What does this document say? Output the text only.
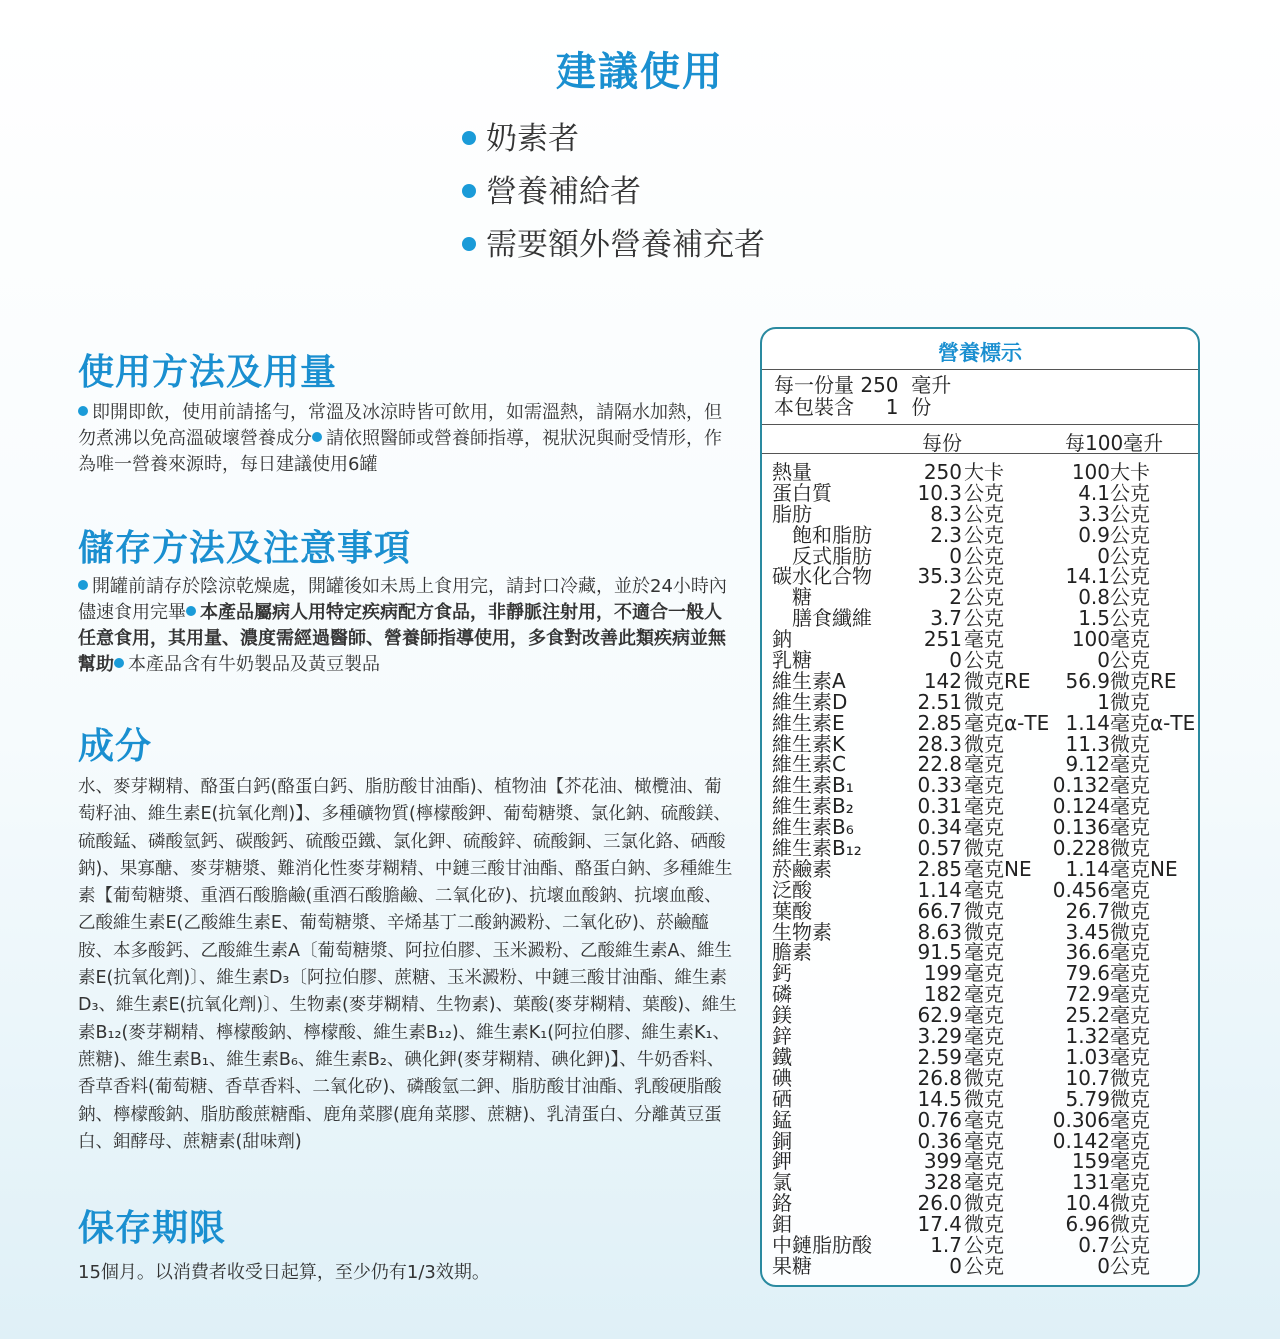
建議使用
奶素者
營養補給者
需要額外營養補充者
使用方法及用量
即開即飲，使用前請搖勻，常溫及冰涼時皆可飲用，如需溫熱，請隔水加熱，但勿煮沸以免高溫破壞營養成分 請依照醫師或營養師指導，視狀況與耐受情形，作為唯一營養來源時，每日建議使用6罐
儲存方法及注意事項
開罐前請存於陰涼乾燥處，開罐後如未馬上食用完，請封口冷藏，並於24小時內儘速食用完畢 本產品屬病人用特定疾病配方食品，非靜脈注射用，不適合一般人任意食用，其用量、濃度需經過醫師、營養師指導使用，多食對改善此類疾病並無幫助 本產品含有牛奶製品及黃豆製品
成分
水、麥芽糊精、酪蛋白鈣(酪蛋白鈣、脂肪酸甘油酯)、植物油【芥花油、橄欖油、葡萄籽油、維生素E(抗氧化劑)】、多種礦物質(檸檬酸鉀、葡萄糖漿、氯化鈉、硫酸鎂、硫酸錳、磷酸氫鈣、碳酸鈣、硫酸亞鐵、氯化鉀、硫酸鋅、硫酸銅、三氯化鉻、硒酸鈉)、果寡醣、麥芽糖漿、難消化性麥芽糊精、中鏈三酸甘油酯、酪蛋白鈉、多種維生素【葡萄糖漿、重酒石酸膽鹼(重酒石酸膽鹼、二氧化矽)、抗壞血酸鈉、抗壞血酸、乙酸維生素E(乙酸維生素E、葡萄糖漿、辛烯基丁二酸鈉澱粉、二氧化矽)、菸鹼醯胺、本多酸鈣、乙酸維生素A〔葡萄糖漿、阿拉伯膠、玉米澱粉、乙酸維生素A、維生素E(抗氧化劑)〕、維生素D₃〔阿拉伯膠、蔗糖、玉米澱粉、中鏈三酸甘油酯、維生素D₃、維生素E(抗氧化劑)〕、生物素(麥芽糊精、生物素)、葉酸(麥芽糊精、葉酸)、維生素B₁₂(麥芽糊精、檸檬酸鈉、檸檬酸、維生素B₁₂)、維生素K₁(阿拉伯膠、維生素K₁、蔗糖)、維生素B₁、維生素B₆、維生素B₂、碘化鉀(麥芽糊精、碘化鉀)】、牛奶香料、香草香料(葡萄糖、香草香料、二氧化矽)、磷酸氫二鉀、脂肪酸甘油酯、乳酸硬脂酸鈉、檸檬酸鈉、脂肪酸蔗糖酯、鹿角菜膠(鹿角菜膠、蔗糖)、乳清蛋白、分離黃豆蛋白、鉬酵母、蔗糖素(甜味劑)
保存期限
15個月。以消費者收受日起算，至少仍有1/3效期。
營養標示
每一份量 250  毫升
本包裝含     1  份
每份	每100毫升
熱量	250 大卡	100 大卡
蛋白質	10.3 公克	4.1 公克
脂肪	8.3 公克	3.3 公克
　飽和脂肪	2.3 公克	0.9 公克
　反式脂肪	0 公克	0 公克
碳水化合物	35.3 公克	14.1 公克
　糖	2 公克	0.8 公克
　膳食纖維	3.7 公克	1.5 公克
鈉	251 毫克	100 毫克
乳糖	0 公克	0 公克
維生素A	142 微克RE	56.9 微克RE
維生素D	2.51 微克	1 微克
維生素E	2.85 毫克α-TE 1.14 毫克α-TE
維生素K	28.3 微克	11.3 微克
維生素C	22.8 毫克	9.12 毫克
維生素B₁	0.33 毫克	0.132 毫克
維生素B₂	0.31 毫克	0.124 毫克
維生素B₆	0.34 毫克	0.136 毫克
維生素B₁₂	0.57 微克	0.228 微克
菸鹼素	2.85 毫克NE	1.14 毫克NE
泛酸	1.14 毫克	0.456 毫克
葉酸	66.7 微克	26.7 微克
生物素	8.63 微克	3.45 微克
膽素	91.5 毫克	36.6 毫克
鈣	199 毫克	79.6 毫克
磷	182 毫克	72.9 毫克
鎂	62.9 毫克	25.2 毫克
鋅	3.29 毫克	1.32 毫克
鐵	2.59 毫克	1.03 毫克
碘	26.8 微克	10.7 微克
硒	14.5 微克	5.79 微克
錳	0.76 毫克	0.306 毫克
銅	0.36 毫克	0.142 毫克
鉀	399 毫克	159 毫克
氯	328 毫克	131 毫克
鉻	26.0 微克	10.4 微克
鉬	17.4 微克	6.96 微克
中鏈脂肪酸	1.7 公克	0.7 公克
果糖	0 公克	0 公克
